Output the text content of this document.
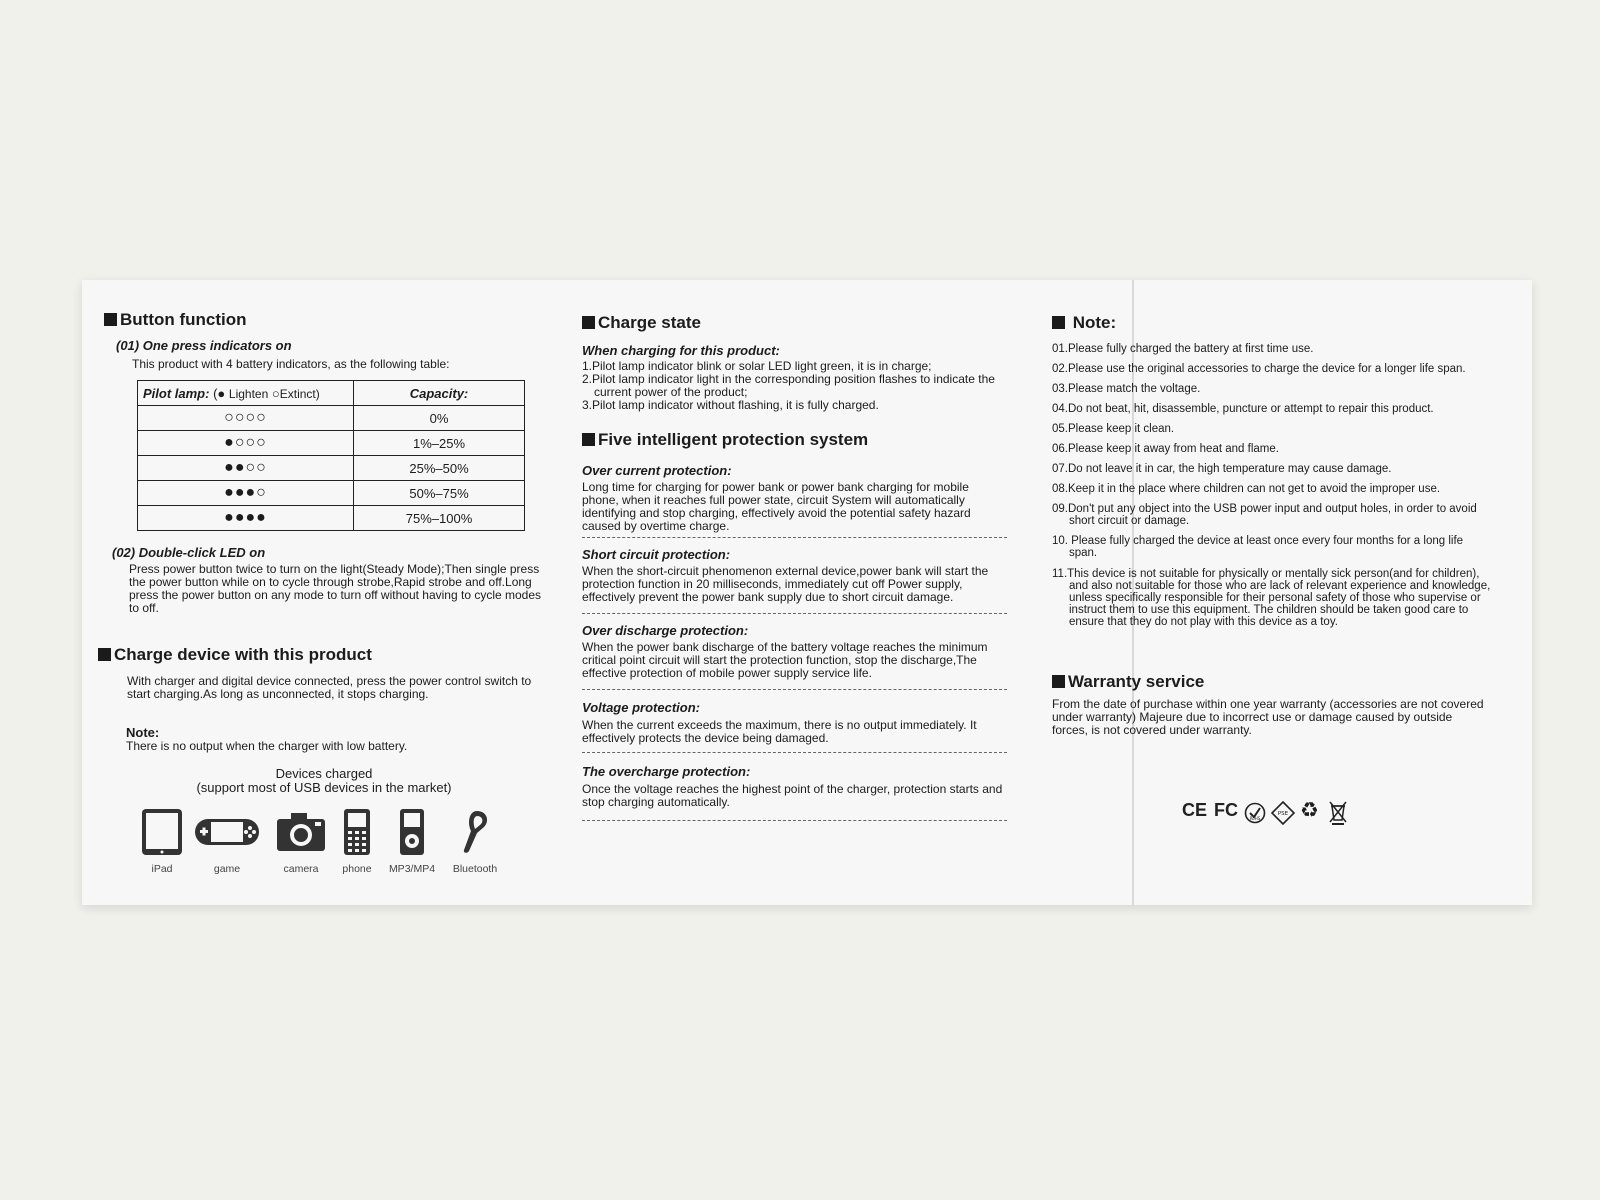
Button function
(01) One press indicators on
This product with 4 battery indicators, as the following table:
Pilot lamp: (● Lighten ○Extinct)	Capacity:
○○○○	0%
●○○○	1%–25%
●●○○	25%–50%
●●●○	50%–75%
●●●●	75%–100%
(02) Double-click LED on
Press power button twice to turn on the light(Steady Mode);Then single press the power button while on to cycle through strobe,Rapid strobe and off.Long press the power button on any mode to turn off without having to cycle modes to off.
Charge device with this product
With charger and digital device connected, press the power control switch to start charging.As long as unconnected, it stops charging.
Note:
There is no output when the charger with low battery.
Devices charged
(support most of USB devices in the market)
iPad	game	camera	phone	MP3/MP4	Bluetooth
Charge state
When charging for this product:
1.Pilot lamp indicator blink or solar LED light green, it is in charge;
2.Pilot lamp indicator light in the corresponding position flashes to indicate the current power of the product;
3.Pilot lamp indicator without flashing, it is fully charged.
Five intelligent protection system
Over current protection:
Long time for charging for power bank or power bank charging for mobile phone, when it reaches full power state, circuit System will automatically identifying and stop charging, effectively avoid the potential safety hazard caused by overtime charge.
Short circuit protection:
When the short-circuit phenomenon external device,power bank will start the protection function in 20 milliseconds, immediately cut off Power supply, effectively prevent the power bank supply due to short circuit damage.
Over discharge protection:
When the power bank discharge of the battery voltage reaches the minimum critical point circuit will start the protection function, stop the discharge,The effective protection of mobile power supply service life.
Voltage protection:
When the current exceeds the maximum, there is no output immediately. It effectively protects the device being damaged.
The overcharge protection:
Once the voltage reaches the highest point of the charger, protection starts and stop charging automatically.
Note:
01.Please fully charged the battery at first time use.
02.Please use the original accessories to charge the device for a longer life span.
03.Please match the voltage.
04.Do not beat, hit, disassemble, puncture or attempt to repair this product.
05.Please keep it clean.
06.Please keep it away from heat and flame.
07.Do not leave it in car, the high temperature may cause damage.
08.Keep it in the place where children can not get to avoid the improper use.
09.Don't put any object into the USB power input and output holes, in order to avoid short circuit or damage.
10. Please fully charged the device at least once every four months for a long life span.
11.This device is not suitable for physically or mentally sick person(and for children), and also not suitable for those who are lack of relevant experience and knowledge, unless specifically responsible for their personal safety of those who supervise or instruct them to use this equipment. The children should be taken good care to ensure that they do not play with this device as a toy.
Warranty service
From the date of purchase within one year warranty (accessories are not covered under warranty) Majeure due to incorrect use or damage caused by outside forces, is not covered under warranty.
CE FC	RoHS
PSE ♻
